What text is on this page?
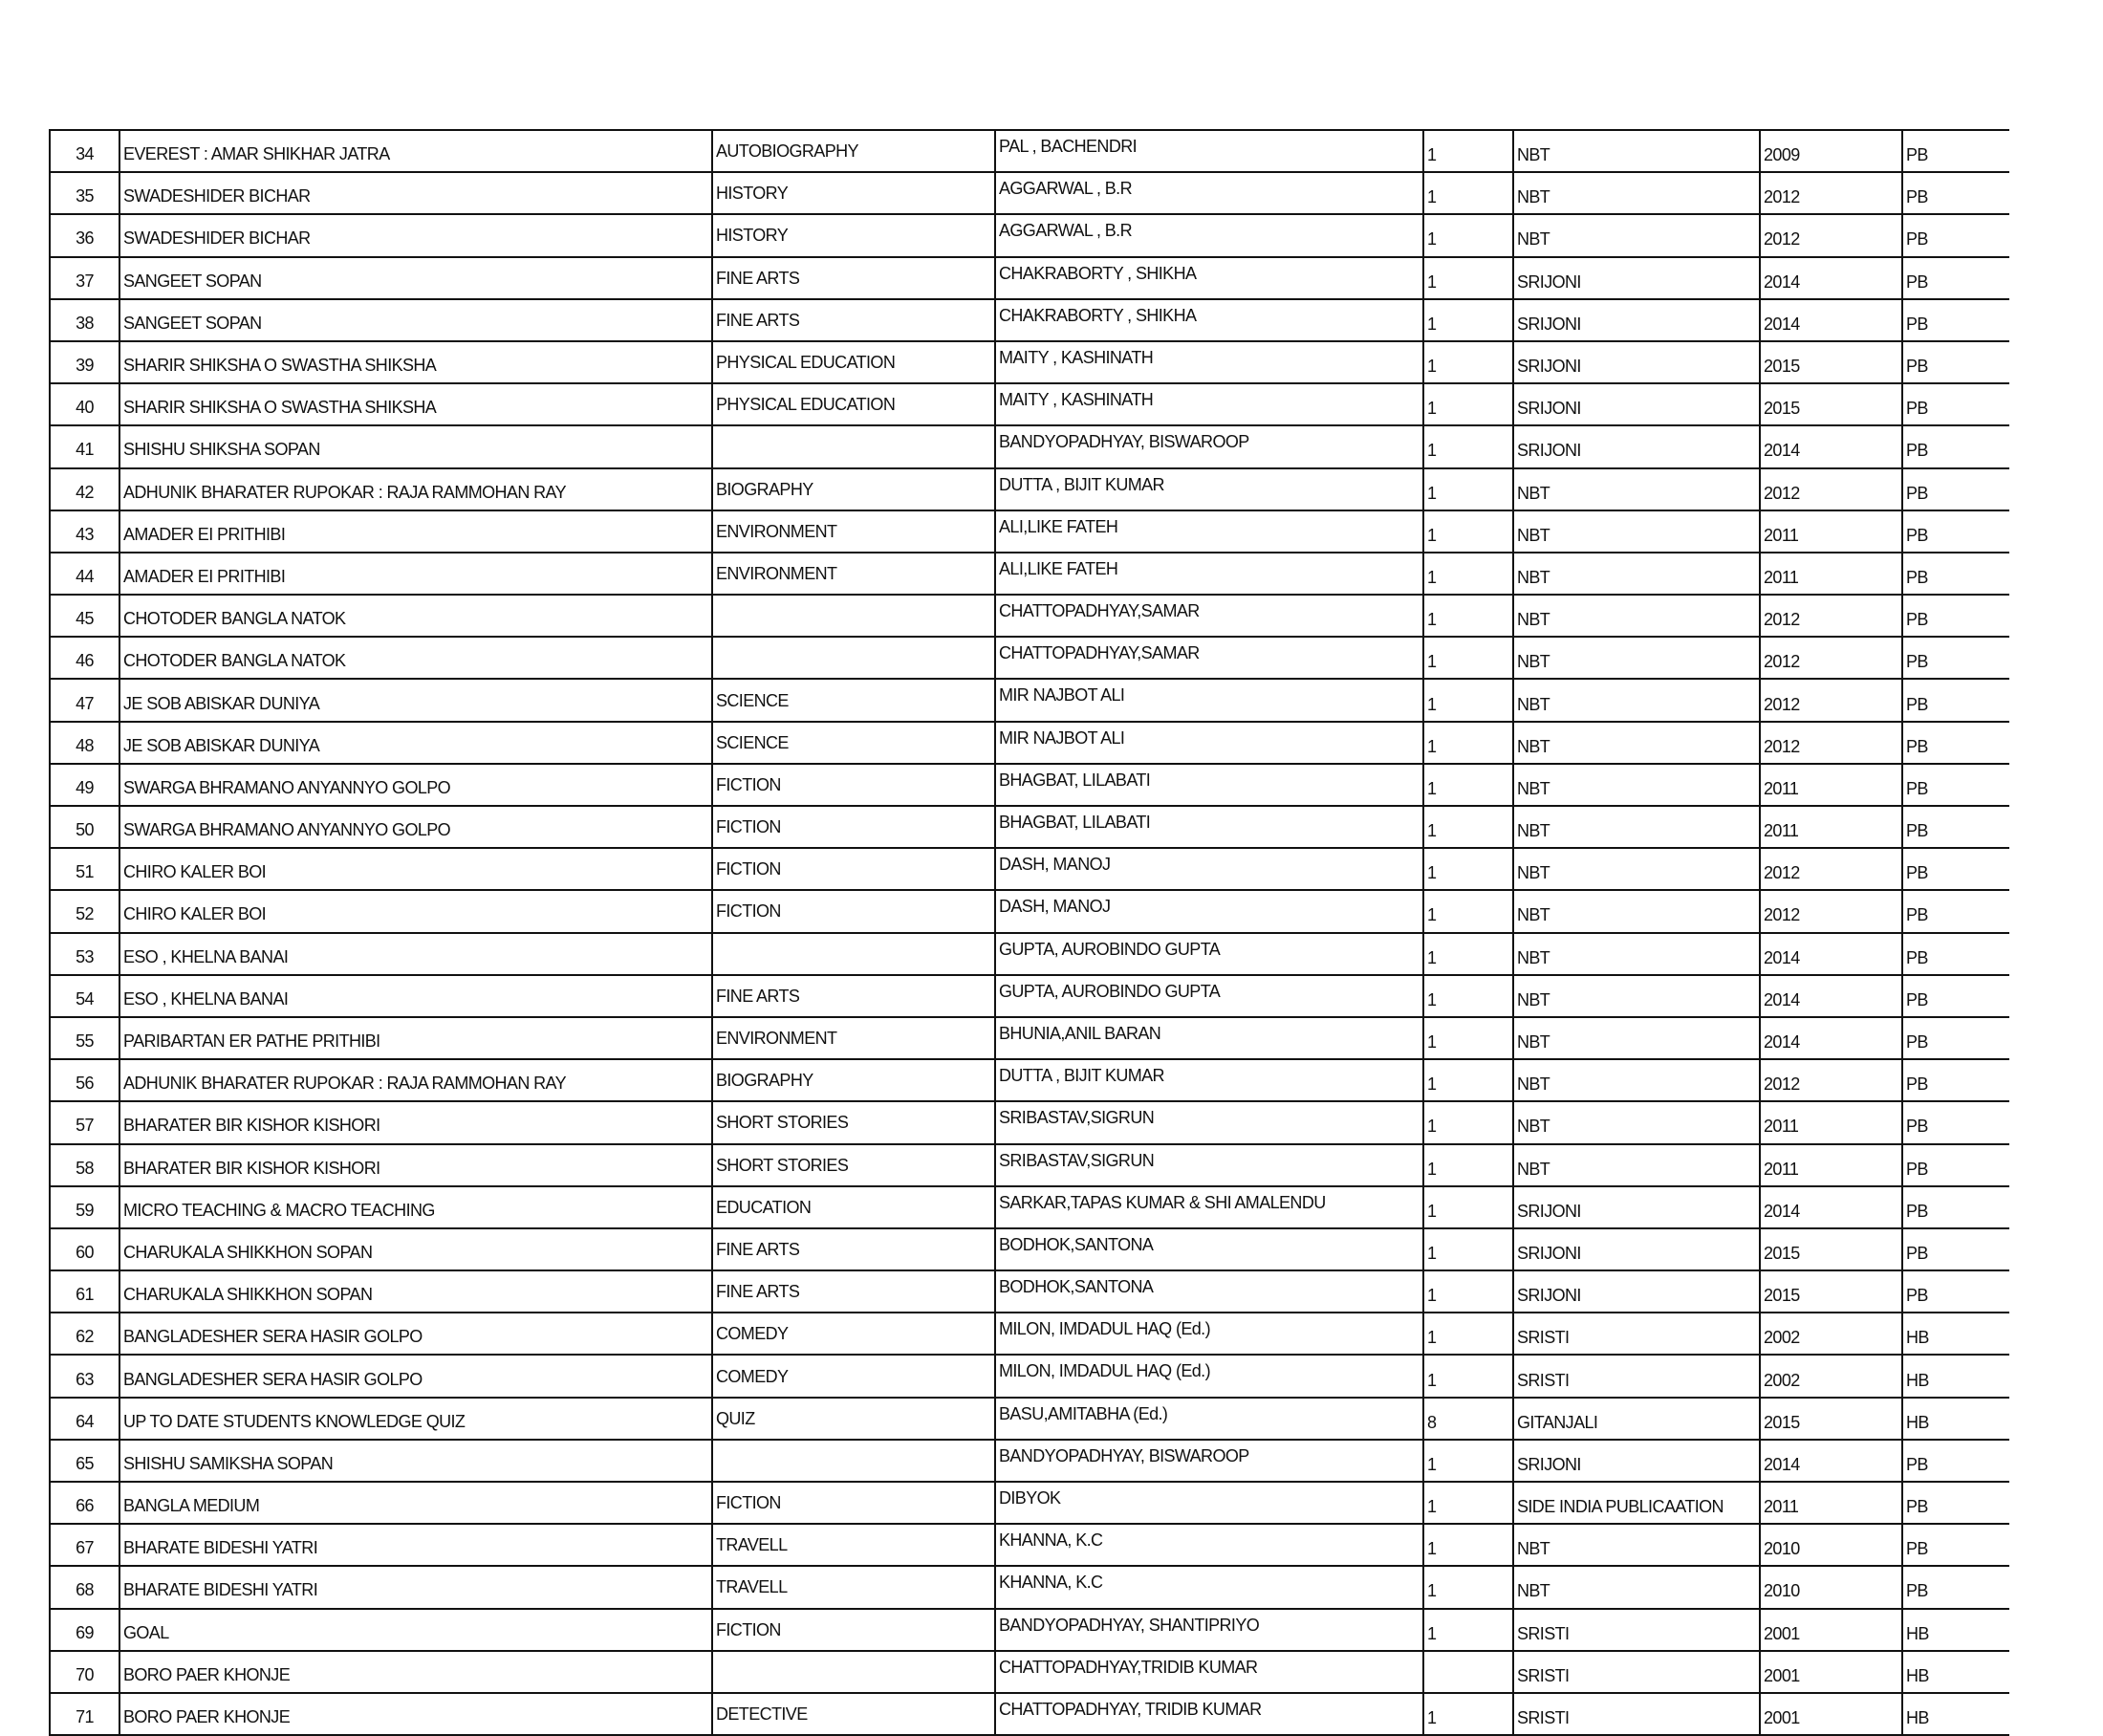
34	EVEREST : AMAR SHIKHAR JATRA	AUTOBIOGRAPHY	PAL , BACHENDRI	1	NBT	2009	PB
35	SWADESHIDER BICHAR	HISTORY	AGGARWAL , B.R	1	NBT	2012	PB
36	SWADESHIDER BICHAR	HISTORY	AGGARWAL , B.R	1	NBT	2012	PB
37	SANGEET SOPAN	FINE ARTS	CHAKRABORTY , SHIKHA	1	SRIJONI	2014	PB
38	SANGEET SOPAN	FINE ARTS	CHAKRABORTY , SHIKHA	1	SRIJONI	2014	PB
39	SHARIR SHIKSHA O SWASTHA SHIKSHA	PHYSICAL EDUCATION	MAITY , KASHINATH	1	SRIJONI	2015	PB
40	SHARIR SHIKSHA O SWASTHA SHIKSHA	PHYSICAL EDUCATION	MAITY , KASHINATH	1	SRIJONI	2015	PB
41	SHISHU SHIKSHA SOPAN		BANDYOPADHYAY, BISWAROOP	1	SRIJONI	2014	PB
42	ADHUNIK BHARATER RUPOKAR : RAJA RAMMOHAN RAY	BIOGRAPHY	DUTTA , BIJIT KUMAR	1	NBT	2012	PB
43	AMADER EI PRITHIBI	ENVIRONMENT	ALI,LIKE FATEH	1	NBT	2011	PB
44	AMADER EI PRITHIBI	ENVIRONMENT	ALI,LIKE FATEH	1	NBT	2011	PB
45	CHOTODER BANGLA NATOK		CHATTOPADHYAY,SAMAR	1	NBT	2012	PB
46	CHOTODER BANGLA NATOK		CHATTOPADHYAY,SAMAR	1	NBT	2012	PB
47	JE SOB ABISKAR DUNIYA	SCIENCE	MIR NAJBOT ALI	1	NBT	2012	PB
48	JE SOB ABISKAR DUNIYA	SCIENCE	MIR NAJBOT ALI	1	NBT	2012	PB
49	SWARGA BHRAMANO ANYANNYO GOLPO	FICTION	BHAGBAT, LILABATI	1	NBT	2011	PB
50	SWARGA BHRAMANO ANYANNYO GOLPO	FICTION	BHAGBAT, LILABATI	1	NBT	2011	PB
51	CHIRO KALER BOI	FICTION	DASH, MANOJ	1	NBT	2012	PB
52	CHIRO KALER BOI	FICTION	DASH, MANOJ	1	NBT	2012	PB
53	ESO , KHELNA BANAI		GUPTA, AUROBINDO GUPTA	1	NBT	2014	PB
54	ESO , KHELNA BANAI	FINE ARTS	GUPTA, AUROBINDO GUPTA	1	NBT	2014	PB
55	PARIBARTAN ER PATHE PRITHIBI	ENVIRONMENT	BHUNIA,ANIL BARAN	1	NBT	2014	PB
56	ADHUNIK BHARATER RUPOKAR : RAJA RAMMOHAN RAY	BIOGRAPHY	DUTTA , BIJIT KUMAR	1	NBT	2012	PB
57	BHARATER BIR KISHOR KISHORI	SHORT STORIES	SRIBASTAV,SIGRUN	1	NBT	2011	PB
58	BHARATER BIR KISHOR KISHORI	SHORT STORIES	SRIBASTAV,SIGRUN	1	NBT	2011	PB
59	MICRO TEACHING & MACRO TEACHING	EDUCATION	SARKAR,TAPAS KUMAR & SHI AMALENDU	1	SRIJONI	2014	PB
60	CHARUKALA SHIKKHON SOPAN	FINE ARTS	BODHOK,SANTONA	1	SRIJONI	2015	PB
61	CHARUKALA SHIKKHON SOPAN	FINE ARTS	BODHOK,SANTONA	1	SRIJONI	2015	PB
62	BANGLADESHER SERA HASIR GOLPO	COMEDY	MILON, IMDADUL HAQ (Ed.)	1	SRISTI	2002	HB
63	BANGLADESHER SERA HASIR GOLPO	COMEDY	MILON, IMDADUL HAQ (Ed.)	1	SRISTI	2002	HB
64	UP TO DATE STUDENTS KNOWLEDGE QUIZ	QUIZ	BASU,AMITABHA (Ed.)	8	GITANJALI	2015	HB
65	SHISHU SAMIKSHA SOPAN		BANDYOPADHYAY, BISWAROOP	1	SRIJONI	2014	PB
66	BANGLA MEDIUM	FICTION	DIBYOK	1	SIDE INDIA PUBLICAATION	2011	PB
67	BHARATE BIDESHI YATRI	TRAVELL	KHANNA, K.C	1	NBT	2010	PB
68	BHARATE BIDESHI YATRI	TRAVELL	KHANNA, K.C	1	NBT	2010	PB
69	GOAL	FICTION	BANDYOPADHYAY, SHANTIPRIYO	1	SRISTI	2001	HB
70	BORO PAER KHONJE		CHATTOPADHYAY,TRIDIB KUMAR		SRISTI	2001	HB
71	BORO PAER KHONJE	DETECTIVE	CHATTOPADHYAY, TRIDIB KUMAR	1	SRISTI	2001	HB
